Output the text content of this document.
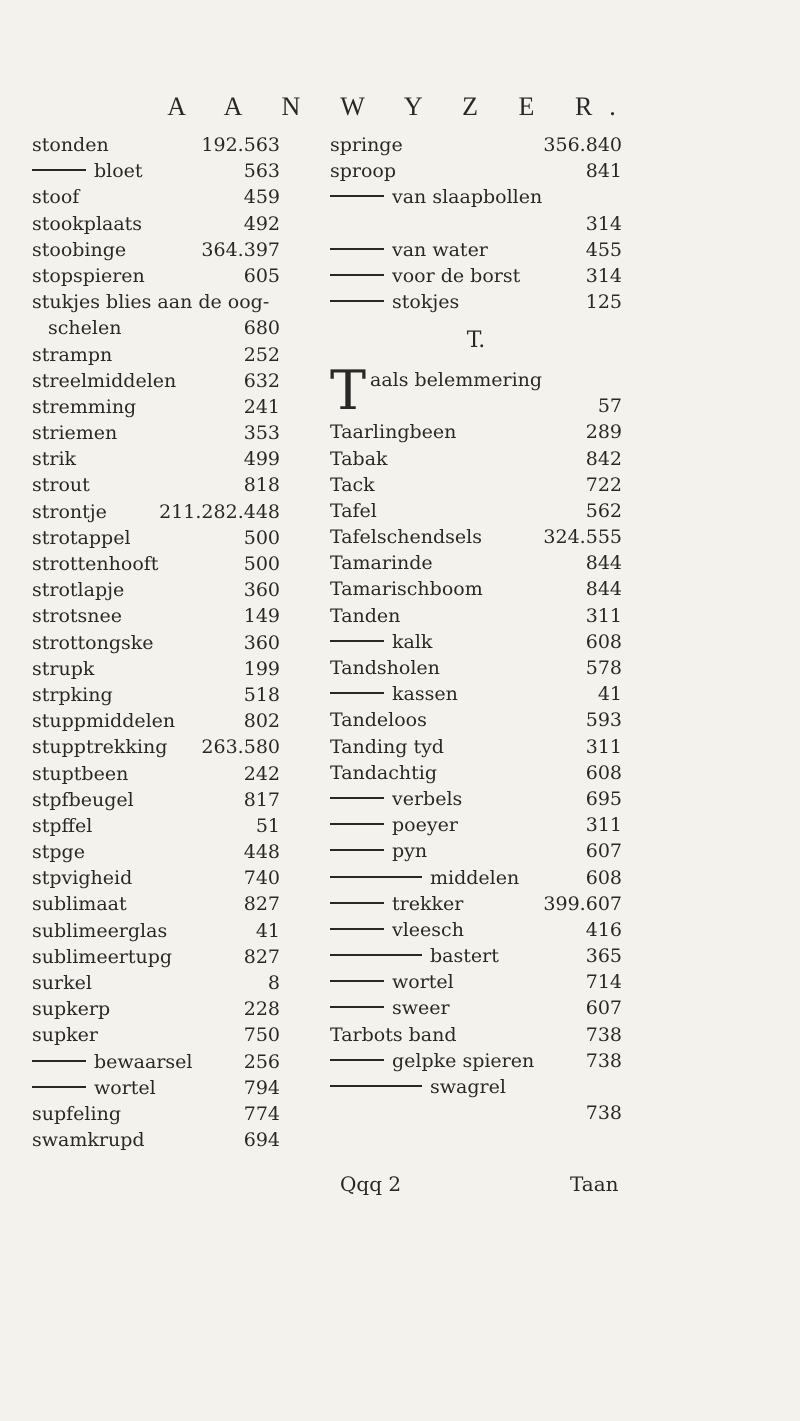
A A N W Y Z E R.
stonden	192.563
bloet	563
stoof	459
stookplaats	492
stoobinge	364.397
stopspieren	605
stukjes blies aan de oog-
schelen	680
strampn	252
streelmiddelen	632
stremming	241
striemen	353
strik	499
strout	818
strontje	211.282.448
strotappel	500
strottenhooft	500
strotlapje	360
strotsnee	149
strottongske	360
strupk	199
strpking	518
stuppmiddelen	802
stupptrekking 263.580
stuptbeen	242
stpfbeugel	817
stpffel	51
stpge	448
stpvigheid	740
sublimaat	827
sublimeerglas	41
sublimeertupg	827
surkel	8
supkerp	228
supker	750
bewaarsel	256
wortel	794
supfeling	774
swamkrupd	694
springe	356.840
sproop	841
van slaapbollen
314
van water	455
voor de borst	314
stokjes	125
T.
T aals belemmering
57
Taarlingbeen	289
Tabak	842
Tack	722
Tafel	562
Tafelschendsels	324.555
Tamarinde	844
Tamarischboom	844
Tanden	311
kalk	608
Tandsholen	578
kassen	41
Tandeloos	593
Tanding tyd	311
Tandachtig	608
verbels	695
poeyer	311
pyn	607
middelen	608
trekker	399.607
vleesch	416
bastert	365
wortel	714
sweer	607
Tarbots band	738
gelpke spieren	738
swagrel
738
Qqq 2	Taan
